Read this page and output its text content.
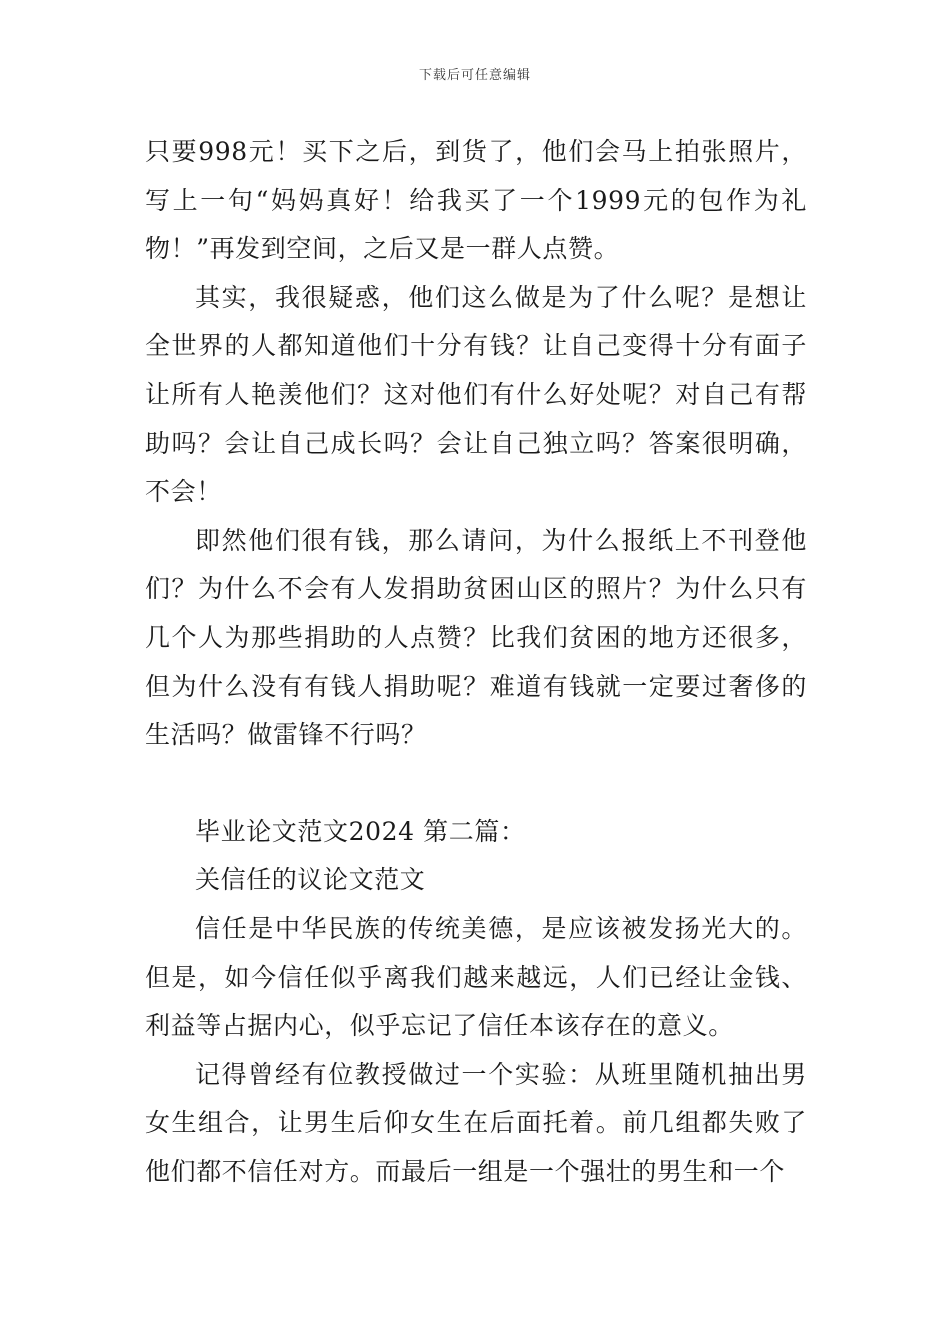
下载后可任意编辑

只要998元！买下之后，到货了，他们会马上拍张照片，写上一句“妈妈真好！给我买了一个1999元的包作为礼物！”再发到空间，之后又是一群人点赞。

其实，我很疑惑，他们这么做是为了什么呢？是想让全世界的人都知道他们十分有钱？让自己变得十分有面子让所有人艳羡他们？这对他们有什么好处呢？对自己有帮助吗？会让自己成长吗？会让自己独立吗？答案很明确，不会！

即然他们很有钱，那么请问，为什么报纸上不刊登他们？为什么不会有人发捐助贫困山区的照片？为什么只有几个人为那些捐助的人点赞？比我们贫困的地方还很多，但为什么没有有钱人捐助呢？难道有钱就一定要过奢侈的生活吗？做雷锋不行吗？

毕业论文范文2024 第二篇：

关信任的议论文范文

信任是中华民族的传统美德，是应该被发扬光大的。但是，如今信任似乎离我们越来越远，人们已经让金钱、利益等占据内心，似乎忘记了信任本该存在的意义。

记得曾经有位教授做过一个实验：从班里随机抽出男女生组合，让男生后仰女生在后面托着。前几组都失败了他们都不信任对方。而最后一组是一个强壮的男生和一个
